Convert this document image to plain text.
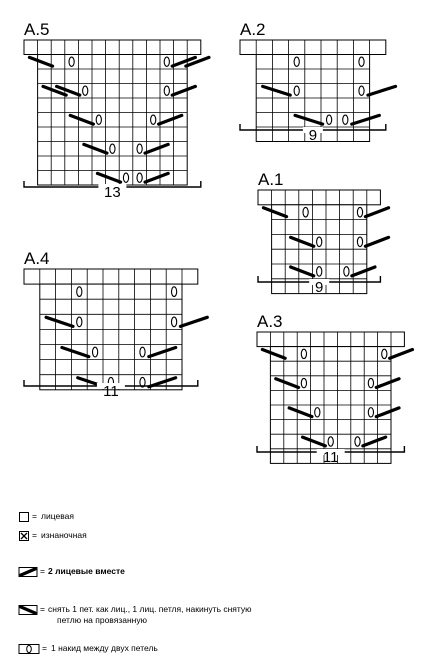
A.5
13
A.2
9
A.1
9
A.4
11
A.3
11
= лицевая
= изнаночная
= 2 лицевые вместе
= снять 1 пет. как лиц., 1 лиц. петля, накинуть снятую
петлю на провязанную
= 1 накид между двух петель
